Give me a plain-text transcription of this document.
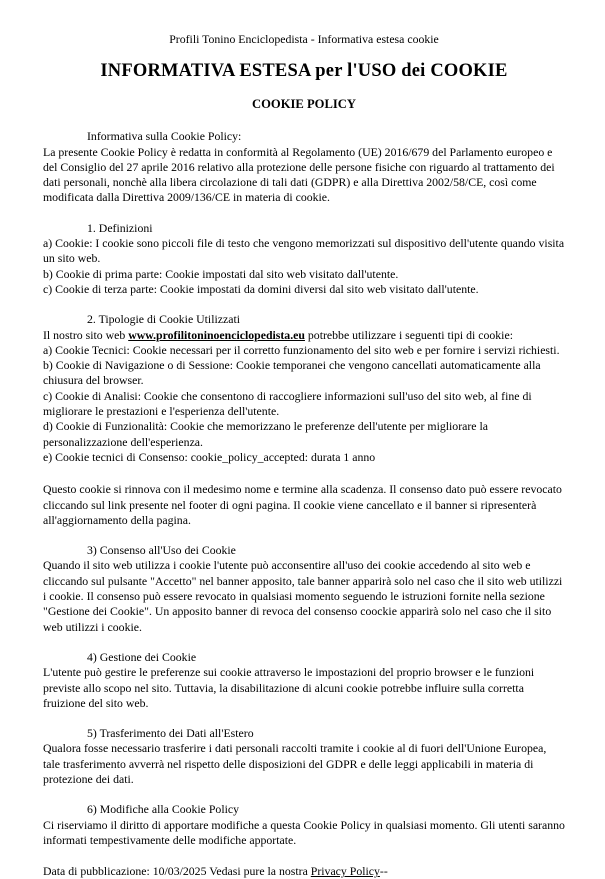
Profili Tonino Enciclopedista - Informativa estesa cookie

INFORMATIVA ESTESA per l'USO dei COOKIE
COOKIE POLICY

Informativa sulla Cookie Policy:

La presente Cookie Policy è redatta in conformità al Regolamento (UE) 2016/679 del Parlamento europeo e del Consiglio del 27 aprile 2016 relativo alla protezione delle persone fisiche con riguardo al trattamento dei dati personali, nonchè alla libera circolazione di tali dati (GDPR) e alla Direttiva 2002/58/CE, così come modificata dalla Direttiva 2009/136/CE in materia di cookie.

1. Definizioni

a) Cookie: I cookie sono piccoli file di testo che vengono memorizzati sul dispositivo dell'utente quando visita un sito web.

b) Cookie di prima parte: Cookie impostati dal sito web visitato dall'utente.

c) Cookie di terza parte: Cookie impostati da domini diversi dal sito web visitato dall'utente.

2. Tipologie di Cookie Utilizzati

Il nostro sito web www.profilitoninoenciclopedista.eu potrebbe utilizzare i seguenti tipi di cookie:

a) Cookie Tecnici: Cookie necessari per il corretto funzionamento del sito web e per fornire i servizi richiesti.

b) Cookie di Navigazione o di Sessione: Cookie temporanei che vengono cancellati automaticamente alla chiusura del browser.

c) Cookie di Analisi: Cookie che consentono di raccogliere informazioni sull'uso del sito web, al fine di migliorare le prestazioni e l'esperienza dell'utente.

d) Cookie di Funzionalità: Cookie che memorizzano le preferenze dell'utente per migliorare la personalizzazione dell'esperienza.

e) Cookie tecnici di Consenso: cookie_policy_accepted: durata 1 anno

Questo cookie si rinnova con il medesimo nome e termine alla scadenza. Il consenso dato può essere revocato cliccando sul link presente nel footer di ogni pagina. Il cookie viene cancellato e il banner si ripresenterà all'aggiornamento della pagina.

3) Consenso all'Uso dei Cookie

Quando il sito web utilizza i cookie l'utente può acconsentire all'uso dei cookie accedendo al sito web e cliccando sul pulsante "Accetto" nel banner apposito, tale banner apparirà solo nel caso che il sito web utilizzi i cookie. Il consenso può essere revocato in qualsiasi momento seguendo le istruzioni fornite nella sezione "Gestione dei Cookie". Un apposito banner di revoca del consenso coockie apparirà solo nel caso che il sito web utilizzi i cookie.

4) Gestione dei Cookie

L'utente può gestire le preferenze sui cookie attraverso le impostazioni del proprio browser e le funzioni previste allo scopo nel sito. Tuttavia, la disabilitazione di alcuni cookie potrebbe influire sulla corretta fruizione del sito web.

5) Trasferimento dei Dati all'Estero

Qualora fosse necessario trasferire i dati personali raccolti tramite i cookie al di fuori dell'Unione Europea, tale trasferimento avverrà nel rispetto delle disposizioni del GDPR e delle leggi applicabili in materia di protezione dei dati.

6) Modifiche alla Cookie Policy

Ci riserviamo il diritto di apportare modifiche a questa Cookie Policy in qualsiasi momento. Gli utenti saranno informati tempestivamente delle modifiche apportate.

Data di pubblicazione: 10/03/2025 Vedasi pure la nostra Privacy Policy--
